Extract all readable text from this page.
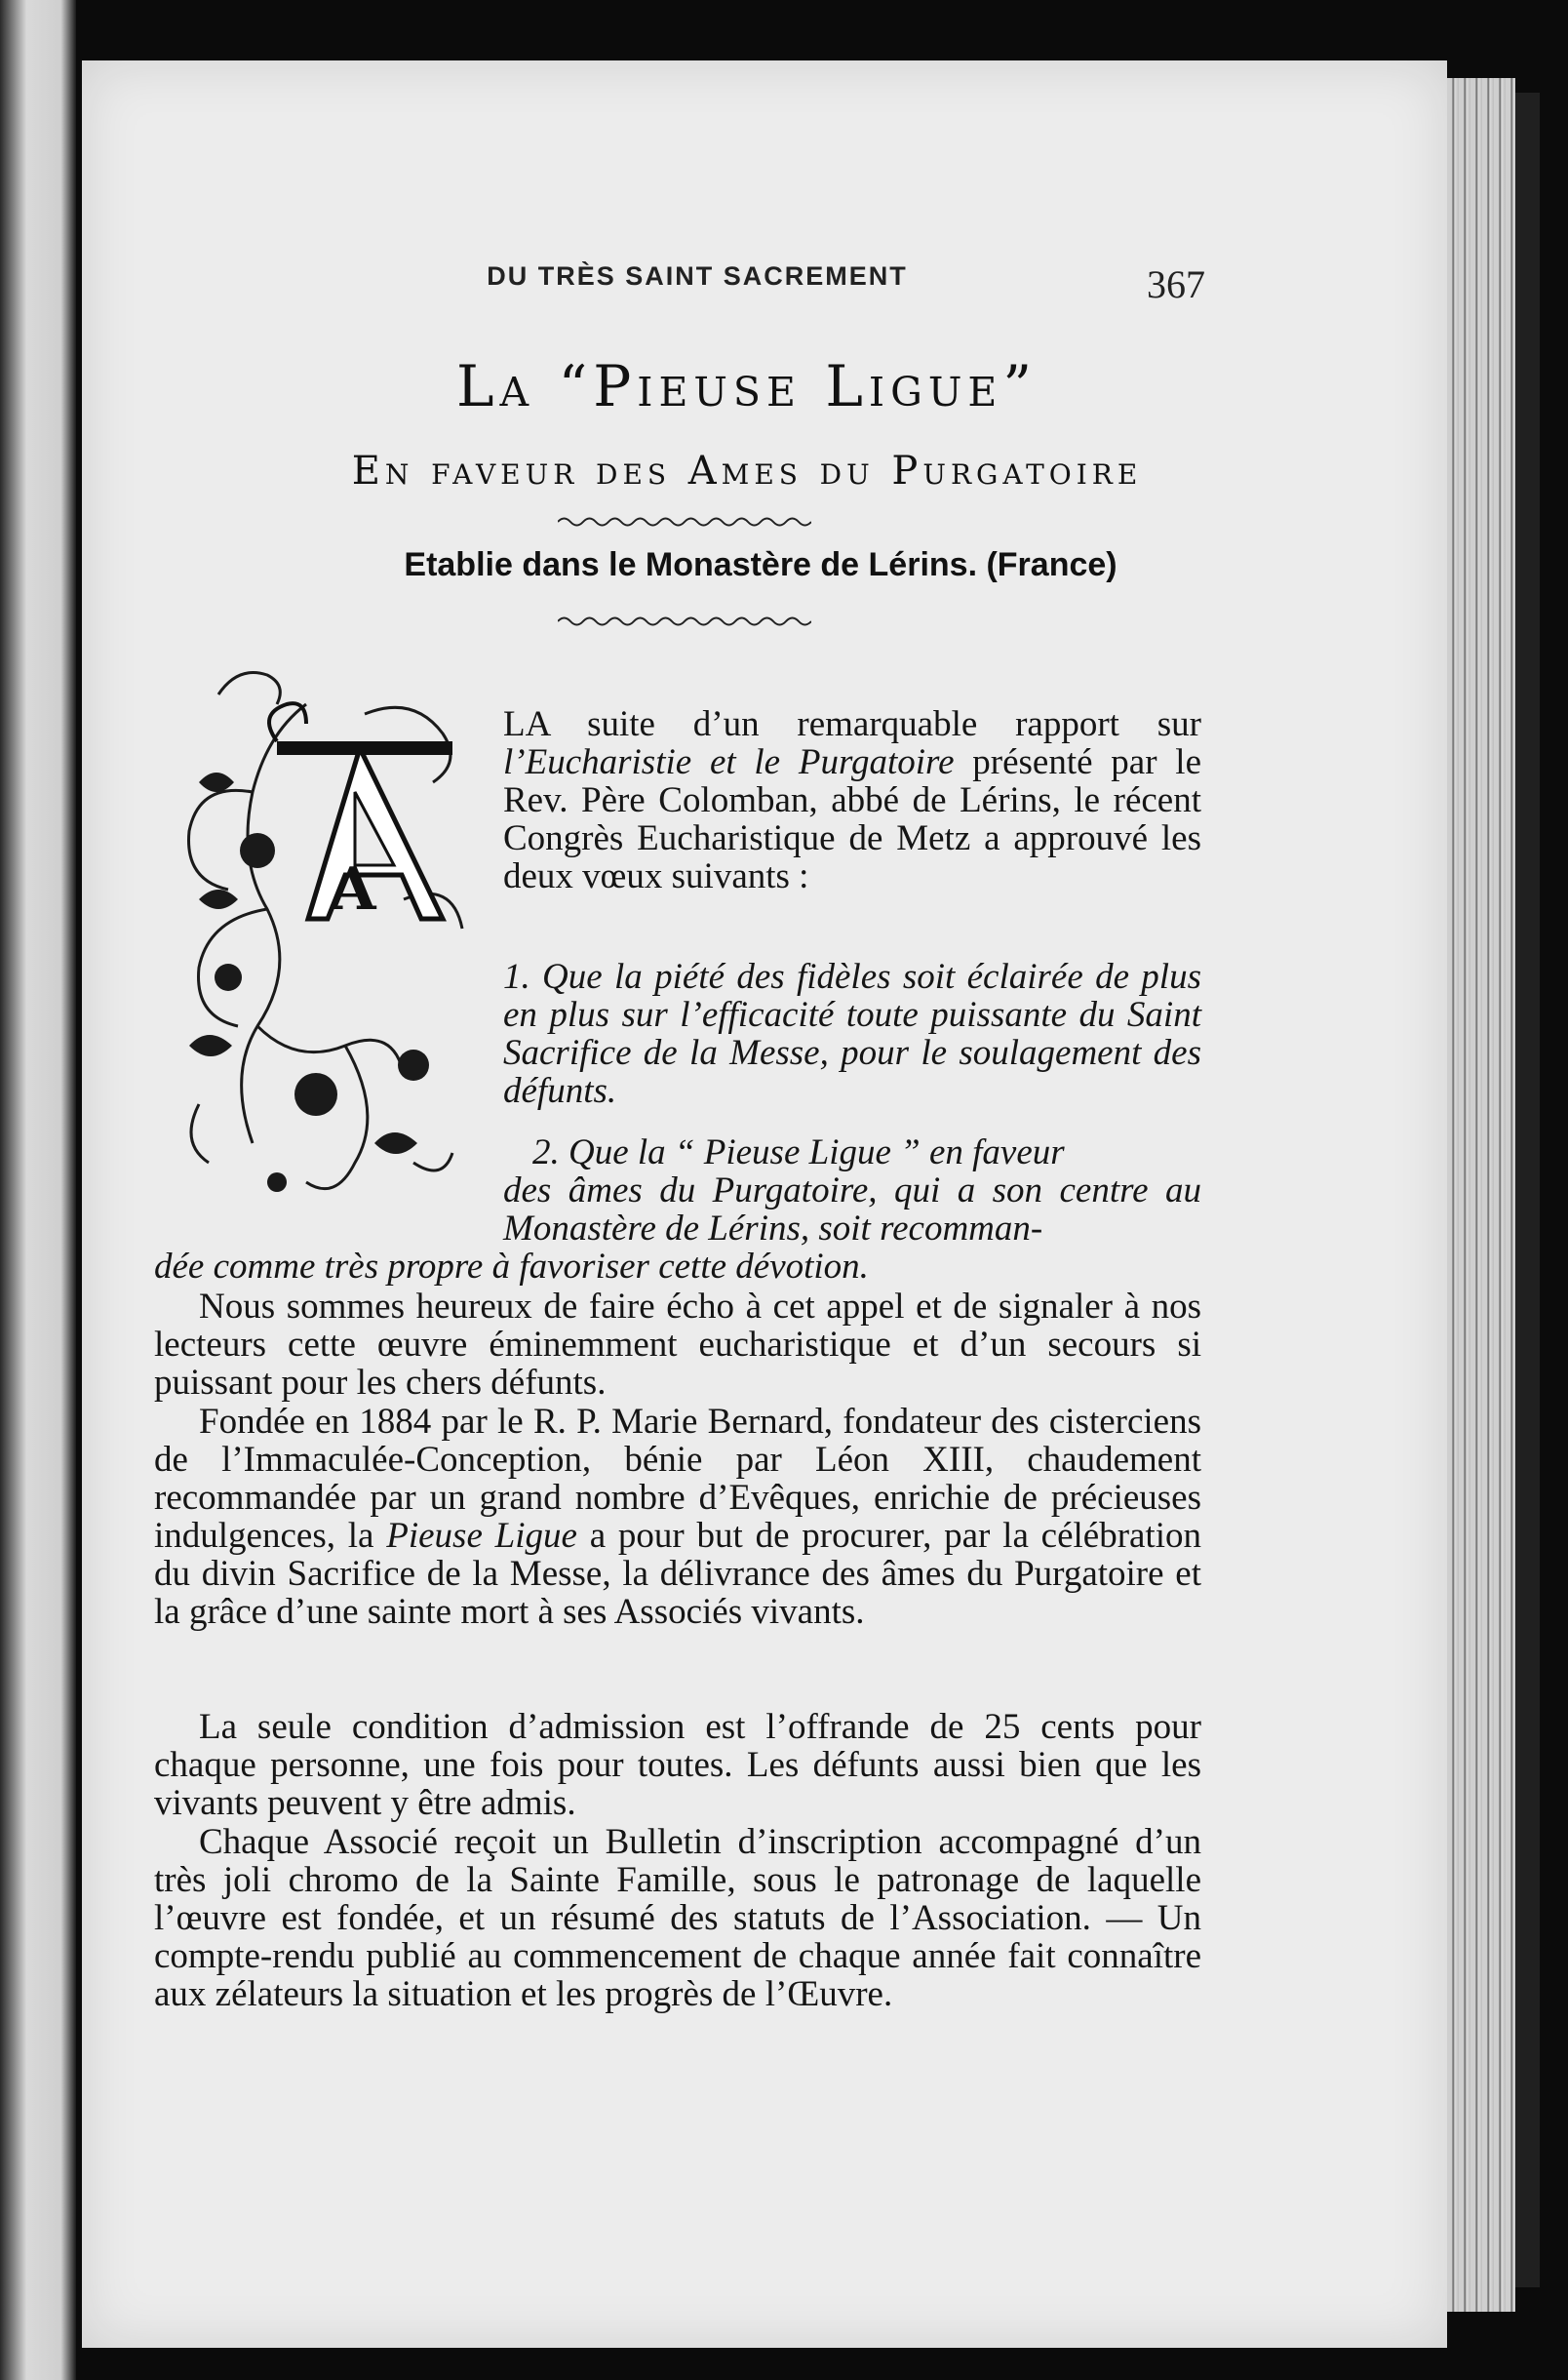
DU TRÈS SAINT SACREMENT	367
La “Pieuse Ligue”
En faveur des Ames du Purgatoire
Etablie dans le Monastère de Lérins. (France)
A
LA suite d’un remarquable rapport sur l’Eucharistie et le Purgatoire présenté par le Rev. Père Colomban, abbé de Lérins, le récent Congrès Eucharistique de Metz a approuvé les deux vœux suivants :
1. Que la piété des fidèles soit éclairée de plus en plus sur l’efficacité toute puissante du Saint Sacrifice de la Messe, pour le soulagement des défunts.
2. Que la “ Pieuse Ligue ” en faveur
des âmes du Purgatoire, qui a son centre au Monastère de Lérins, soit recomman-
dée comme très propre à favoriser cette dévotion.
Nous sommes heureux de faire écho à cet appel et de signaler à nos lecteurs cette œuvre éminemment eucharistique et d’un secours si puissant pour les chers défunts.
Fondée en 1884 par le R. P. Marie Bernard, fondateur des cisterciens de l’Immaculée-Conception, bénie par Léon XIII, chaudement recommandée par un grand nombre d’Evêques, enrichie de précieuses indulgences, la Pieuse Ligue a pour but de procurer, par la célébration du divin Sacrifice de la Messe, la délivrance des âmes du Purgatoire et la grâce d’une sainte mort à ses Associés vivants.
La seule condition d’admission est l’offrande de 25 cents pour chaque personne, une fois pour toutes. Les défunts aussi bien que les vivants peuvent y être admis.
Chaque Associé reçoit un Bulletin d’inscription accompagné d’un très joli chromo de la Sainte Famille, sous le patronage de laquelle l’œuvre est fondée, et un résumé des statuts de l’Association. — Un compte-rendu publié au commencement de chaque année fait connaître aux zélateurs la situation et les progrès de l’Œuvre.
